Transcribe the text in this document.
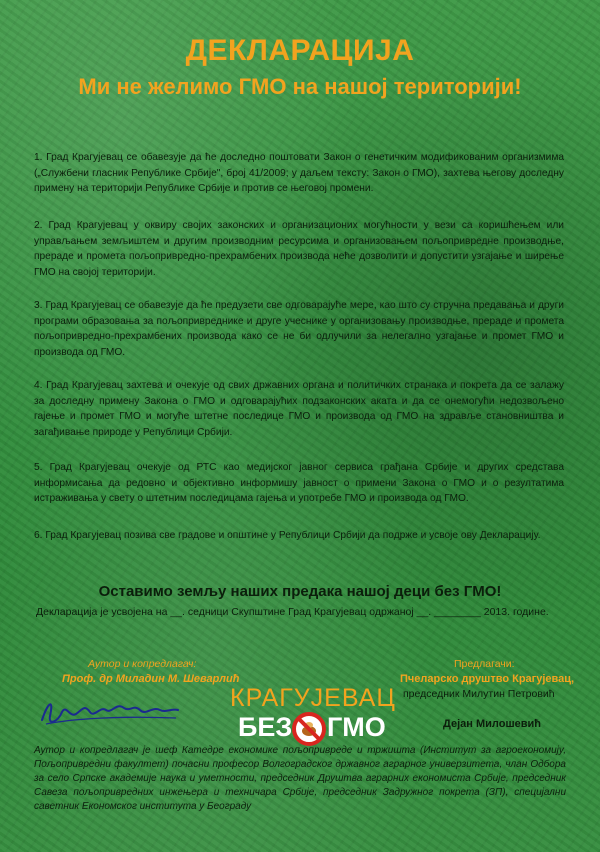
ДЕКЛАРАЦИЈА
Ми не желимо ГМО на нашој територији!

1. Град Крагујевац се обавезује да ће доследно поштовати Закон о генетичким модификованим организмима („Службени гласник Републике Србије", број 41/2009; у даљем тексту: Закон о ГМО), захтева његову доследну примену на територији Републике Србије и против се његовој промени.

2. Град Крагујевац у оквиру својих законских и организационих могућности у вези са коришћењем или управљањем земљиштем и другим производним ресурсима и организовањем пољопривредне производње, прераде и промета пољопривредно-прехрамбених производа неће дозволити и допустити узгајање и ширење ГМО на својој територији.

3. Град Крагујевац се обавезује да ће предузети све одговарајуће мере, као што су стручна предавања и други програми образовања за пољопривреднике и друге учеснике у организовању производње, прераде и промета пољопривредно-прехрамбених производа како се не би одлучили за нелегално узгајање и промет ГМО и производа од ГМО.

4. Град Крагујевац захтева и очекује од свих државних органа и политичких странака и покрета да се залажу за доследну примену Закона о ГМО и одговарајућих подзаконских аката и да се онемогући недозвољено гајење и промет ГМО и могуће штетне последице ГМО и производа од ГМО на здравље становништва и загађивање природе у Републици Србији.

5. Град Крагујевац очекује од РТС као медијског јавног сервиса грађана Србије и других средстава информисања да редовно и објективно информишу јавност о примени Закона о ГМО и о резултатима истраживања у свету о штетним последицама гајења и употребе ГМО и производа од ГМО.

6. Град Крагујевац позива све градове и општине у Републици Србији да подрже и усвоје ову Декларацију.

Оставимо земљу наших предака нашој деци без ГМО!

Декларација је усвојена на __. седници Скупштине Град Крагујевац одржаној __. ________ 2013. године.

Аутор и копредлагач:
Проф. др Миладин М. Шеварлић
КРАГУЈЕВАЦ
БЕЗ ГМО
Предлагачи:
Пчеларско друштво Крагујевац,
председник Милутин Петровић
Дејан Милошевић

Аутор и копредлагач је шеф Катедре економике пољопривреде и тржишта (Институт за агроекономију, Пољопривредни факултет) почасни професор Волгоградског државног аграрног универзитета, члан Одбора за село Српске академије наука и уметности, председник Друштва аграрних економиста Србије, председник Савеза пољопривредних инжењера и техничара Србије, председник Задружног покрета (ЗП), специјални саветник Економског института у Београду
